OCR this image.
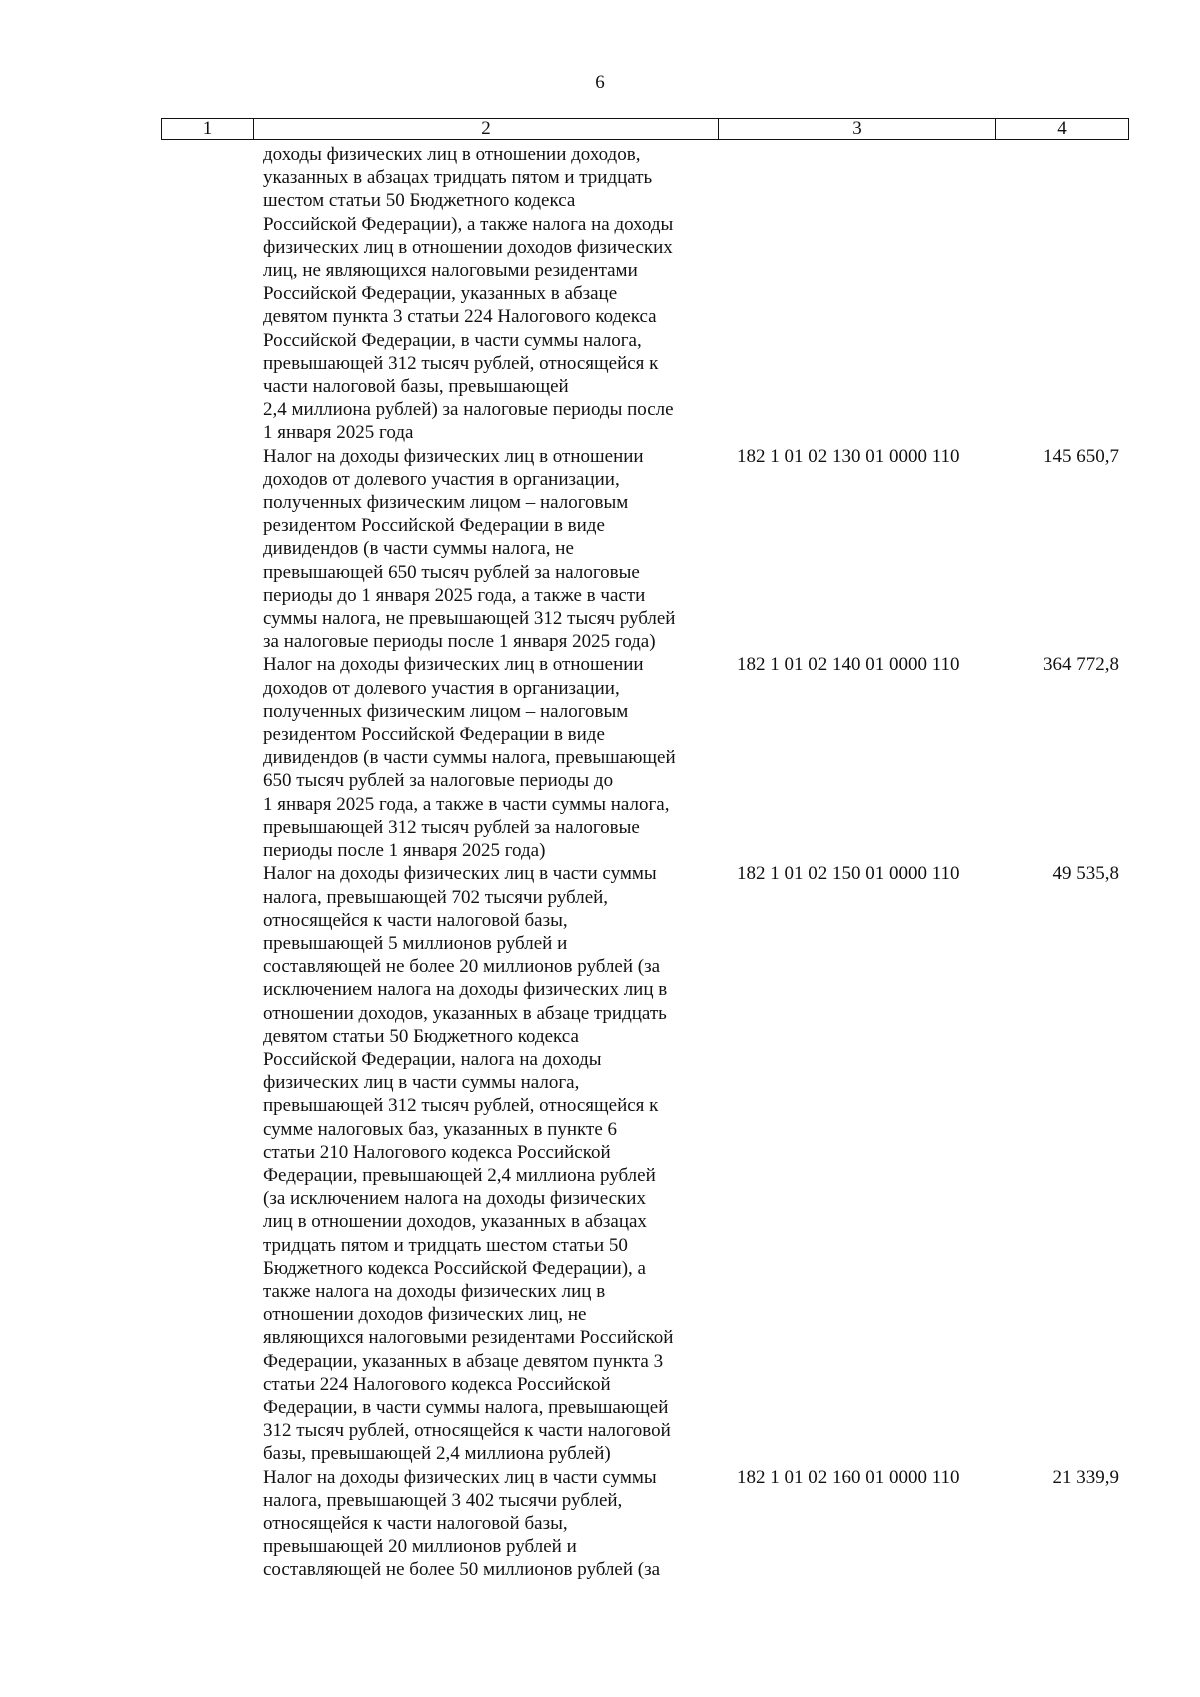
6
1	2	3	4
доходы физических лиц в отношении доходов,
указанных в абзацах тридцать пятом и тридцать
шестом статьи 50 Бюджетного кодекса
Российской Федерации), а также налога на доходы
физических лиц в отношении доходов физических
лиц, не являющихся налоговыми резидентами
Российской Федерации, указанных в абзаце
девятом пункта 3 статьи 224 Налогового кодекса
Российской Федерации, в части суммы налога,
превышающей 312 тысяч рублей, относящейся к
части налоговой базы, превышающей
2,4 миллиона рублей) за налоговые периоды после
1 января 2025 года
Налог на доходы физических лиц в отношении
доходов от долевого участия в организации,
полученных физическим лицом – налоговым
резидентом Российской Федерации в виде
дивидендов (в части суммы налога, не
превышающей 650 тысяч рублей за налоговые
периоды до 1 января 2025 года, а также в части
суммы налога, не превышающей 312 тысяч рублей
за налоговые периоды после 1 января 2025 года)
182 1 01 02 130 01 0000 110	145 650,7
Налог на доходы физических лиц в отношении
доходов от долевого участия в организации,
полученных физическим лицом – налоговым
резидентом Российской Федерации в виде
дивидендов (в части суммы налога, превышающей
650 тысяч рублей за налоговые периоды до
1 января 2025 года, а также в части суммы налога,
превышающей 312 тысяч рублей за налоговые
периоды после 1 января 2025 года)
182 1 01 02 140 01 0000 110	364 772,8
Налог на доходы физических лиц в части суммы
налога, превышающей 702 тысячи рублей,
относящейся к части налоговой базы,
превышающей 5 миллионов рублей и
составляющей не более 20 миллионов рублей (за
исключением налога на доходы физических лиц в
отношении доходов, указанных в абзаце тридцать
девятом статьи 50 Бюджетного кодекса
Российской Федерации, налога на доходы
физических лиц в части суммы налога,
превышающей 312 тысяч рублей, относящейся к
сумме налоговых баз, указанных в пункте 6
статьи 210 Налогового кодекса Российской
Федерации, превышающей 2,4 миллиона рублей
(за исключением налога на доходы физических
лиц в отношении доходов, указанных в абзацах
тридцать пятом и тридцать шестом статьи 50
Бюджетного кодекса Российской Федерации), а
также налога на доходы физических лиц в
отношении доходов физических лиц, не
являющихся налоговыми резидентами Российской
Федерации, указанных в абзаце девятом пункта 3
статьи 224 Налогового кодекса Российской
Федерации, в части суммы налога, превышающей
312 тысяч рублей, относящейся к части налоговой
базы, превышающей 2,4 миллиона рублей)
182 1 01 02 150 01 0000 110	49 535,8
Налог на доходы физических лиц в части суммы
налога, превышающей 3 402 тысячи рублей,
относящейся к части налоговой базы,
превышающей 20 миллионов рублей и
составляющей не более 50 миллионов рублей (за
182 1 01 02 160 01 0000 110	21 339,9
